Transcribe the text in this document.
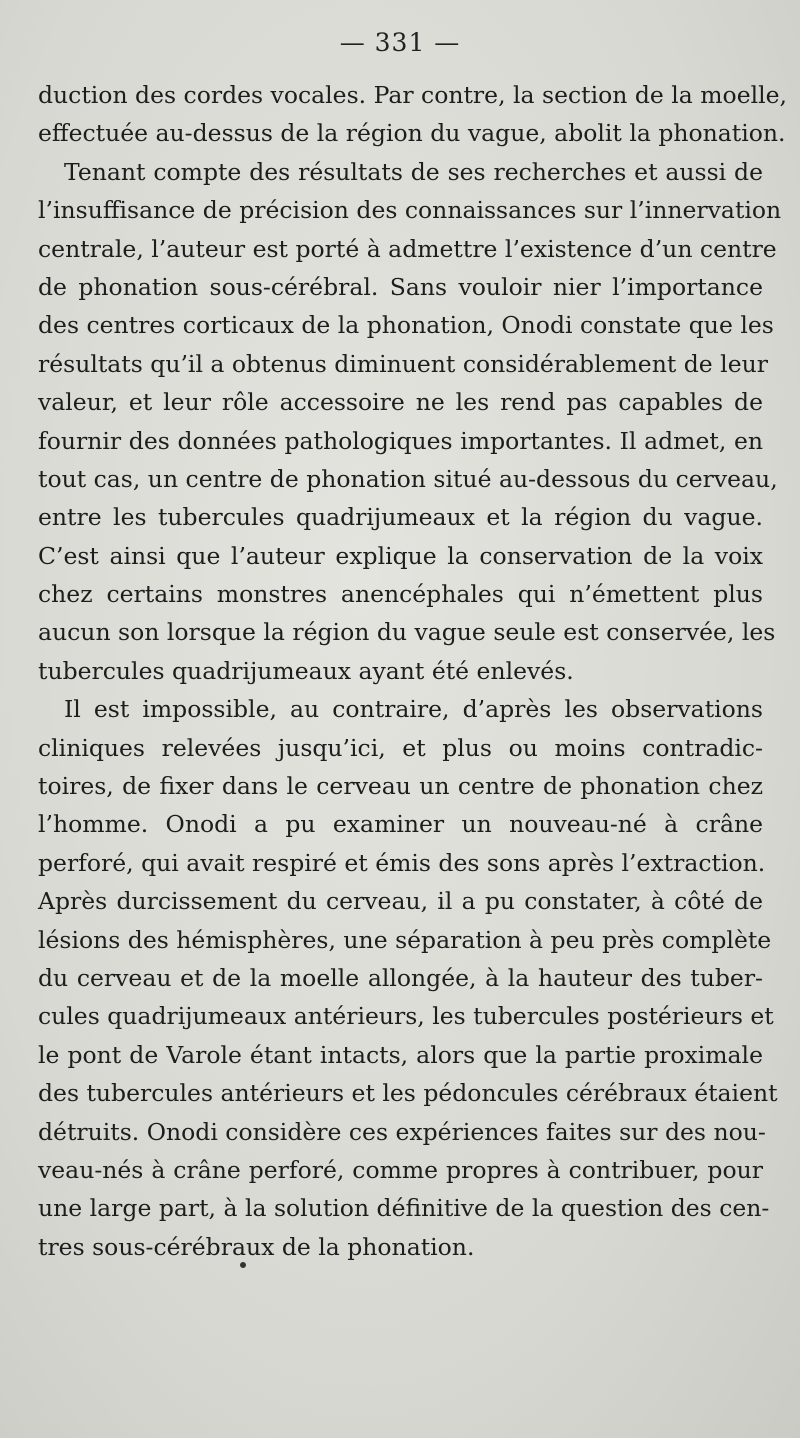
— 331 —
duction des cordes vocales. Par contre, la section de la moelle,
effectuée au-dessus de la région du vague, abolit la phonation.
Tenant compte des résultats de ses recherches et aussi de
l’insuffisance de précision des connaissances sur l’innervation
centrale, l’auteur est porté à admettre l’existence d’un centre
de phonation sous-cérébral. Sans vouloir nier l’importance
des centres corticaux de la phonation, Onodi constate que les
résultats qu’il a obtenus diminuent considérablement de leur
valeur, et leur rôle accessoire ne les rend pas capables de
fournir des données pathologiques importantes. Il admet, en
tout cas, un centre de phonation situé au-dessous du cerveau,
entre les tubercules quadrijumeaux et la région du vague.
C’est ainsi que l’auteur explique la conservation de la voix
chez certains monstres anencéphales qui n’émettent plus
aucun son lorsque la région du vague seule est conservée, les
tubercules quadrijumeaux ayant été enlevés.
Il est impossible, au contraire, d’après les observations
cliniques relevées jusqu’ici, et plus ou moins contradic-
toires, de fixer dans le cerveau un centre de phonation chez
l’homme. Onodi a pu examiner un nouveau-né à crâne
perforé, qui avait respiré et émis des sons après l’extraction.
Après durcissement du cerveau, il a pu constater, à côté de
lésions des hémisphères, une séparation à peu près complète
du cerveau et de la moelle allongée, à la hauteur des tuber-
cules quadrijumeaux antérieurs, les tubercules postérieurs et
le pont de Varole étant intacts, alors que la partie proximale
des tubercules antérieurs et les pédoncules cérébraux étaient
détruits. Onodi considère ces expériences faites sur des nou-
veau-nés à crâne perforé, comme propres à contribuer, pour
une large part, à la solution définitive de la question des cen-
tres sous-cérébraux de la phonation.
